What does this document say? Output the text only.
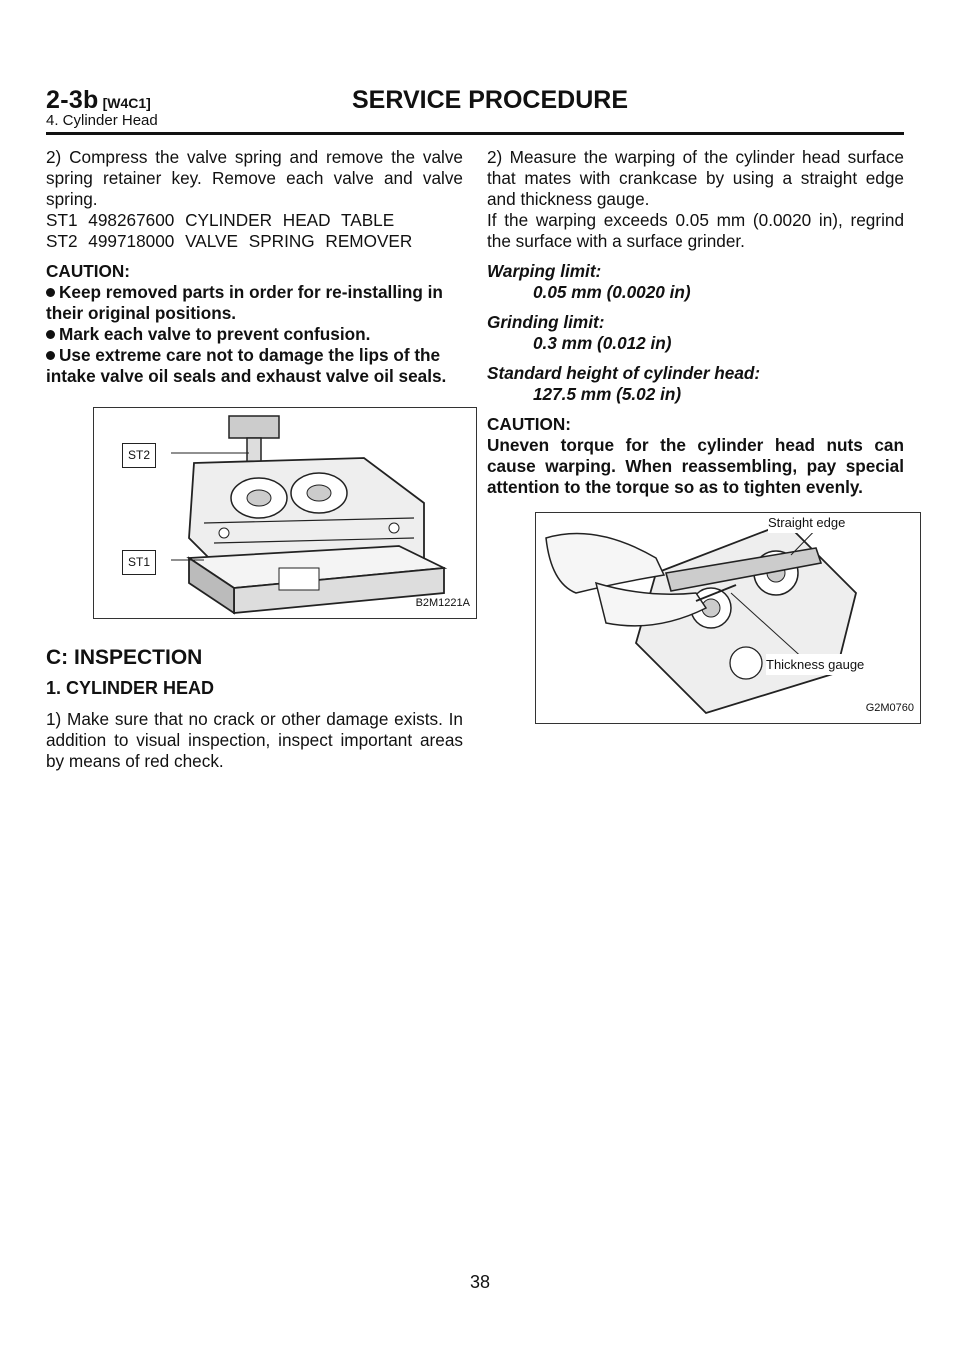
2-3b [W4C1]	SERVICE PROCEDURE
4. Cylinder Head

2) Compress the valve spring and remove the valve spring retainer key. Remove each valve and valve spring.

ST1 498267600 CYLINDER HEAD TABLE
ST2 499718000 VALVE SPRING REMOVER

CAUTION:
Keep removed parts in order for re-installing in their original positions.
Mark each valve to prevent confusion.
Use extreme care not to damage the lips of the intake valve oil seals and exhaust valve oil seals.
ST2
ST1
B2M1221A
C: INSPECTION
1. CYLINDER HEAD

1) Make sure that no crack or other damage exists. In addition to visual inspection, inspect important areas by means of red check.

2) Measure the warping of the cylinder head surface that mates with crankcase by using a straight edge and thickness gauge.

If the warping exceeds 0.05 mm (0.0020 in), regrind the surface with a surface grinder.

Warping limit:
0.05 mm (0.0020 in)

Grinding limit:
0.3 mm (0.012 in)

Standard height of cylinder head:
127.5 mm (5.02 in)

CAUTION:

Uneven torque for the cylinder head nuts can cause warping. When reassembling, pay special attention to the torque so as to tighten evenly.

Straight edge
Thickness gauge
G2M0760
38
